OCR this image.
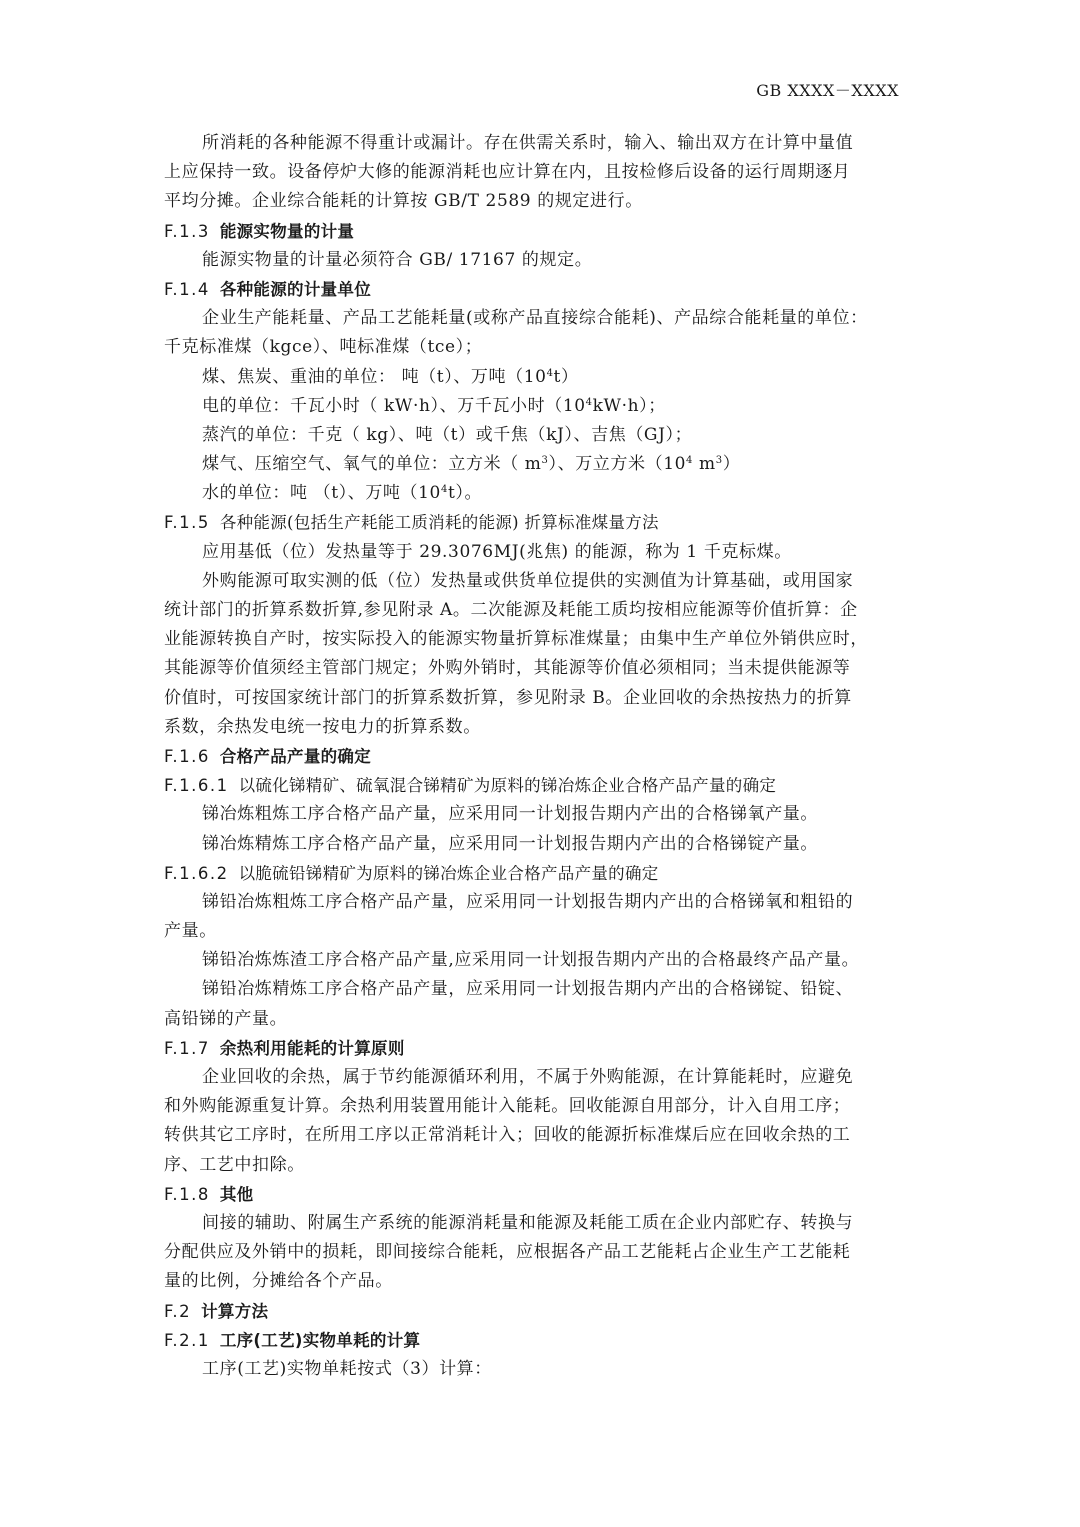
GB XXXX－XXXX
所消耗的各种能源不得重计或漏计。存在供需关系时，输入、输出双方在计算中量值
上应保持一致。设备停炉大修的能源消耗也应计算在内，且按检修后设备的运行周期逐月
平均分摊。企业综合能耗的计算按 GB/T 2589 的规定进行。
F.1.3 能源实物量的计量
能源实物量的计量必须符合 GB/ 17167 的规定。
F.1.4 各种能源的计量单位
企业生产能耗量、产品工艺能耗量(或称产品直接综合能耗)、产品综合能耗量的单位：
千克标准煤（kgce）、吨标准煤（tce）；
煤、焦炭、重油的单位： 吨（t）、万吨$(10^4t)$
电的单位：千瓦小时（ kW·h）、万千瓦小时$(10^4kW\cdot h)$；
蒸汽的单位：千克（ kg）、吨（t）或千焦（kJ）、吉焦（GJ）；
煤气、压缩空气、氧气的单位：立方米（ $m^3$）、万立方米（$10^4$ $m^3$）
水的单位：吨 （t）、万吨$(10^4t)$。
F.1.5 各种能源(包括生产耗能工质消耗的能源) 折算标准煤量方法
应用基低（位）发热量等于 29.3076MJ(兆焦) 的能源，称为 1 千克标煤。
外购能源可取实测的低（位）发热量或供货单位提供的实测值为计算基础，或用国家
统计部门的折算系数折算,参见附录 A。二次能源及耗能工质均按相应能源等价值折算：企
业能源转换自产时，按实际投入的能源实物量折算标准煤量；由集中生产单位外销供应时，
其能源等价值须经主管部门规定；外购外销时，其能源等价值必须相同；当未提供能源等
价值时，可按国家统计部门的折算系数折算，参见附录 B。企业回收的余热按热力的折算
系数，余热发电统一按电力的折算系数。
F.1.6 合格产品产量的确定
F.1.6.1 以硫化锑精矿、硫氧混合锑精矿为原料的锑冶炼企业合格产品产量的确定
锑冶炼粗炼工序合格产品产量，应采用同一计划报告期内产出的合格锑氧产量。
锑冶炼精炼工序合格产品产量，应采用同一计划报告期内产出的合格锑锭产量。
F.1.6.2 以脆硫铅锑精矿为原料的锑冶炼企业合格产品产量的确定
锑铅冶炼粗炼工序合格产品产量，应采用同一计划报告期内产出的合格锑氧和粗铅的
产量。
锑铅冶炼炼渣工序合格产品产量,应采用同一计划报告期内产出的合格最终产品产量。
锑铅冶炼精炼工序合格产品产量，应采用同一计划报告期内产出的合格锑锭、铅锭、
高铅锑的产量。
F.1.7 余热利用能耗的计算原则
企业回收的余热，属于节约能源循环利用，不属于外购能源，在计算能耗时，应避免
和外购能源重复计算。余热利用装置用能计入能耗。回收能源自用部分，计入自用工序；
转供其它工序时，在所用工序以正常消耗计入；回收的能源折标准煤后应在回收余热的工
序、工艺中扣除。
F.1.8 其他
间接的辅助、附属生产系统的能源消耗量和能源及耗能工质在企业内部贮存、转换与
分配供应及外销中的损耗，即间接综合能耗，应根据各产品工艺能耗占企业生产工艺能耗
量的比例，分摊给各个产品。
F.2 计算方法
F.2.1 工序(工艺)实物单耗的计算
工序(工艺)实物单耗按式（3）计算：
